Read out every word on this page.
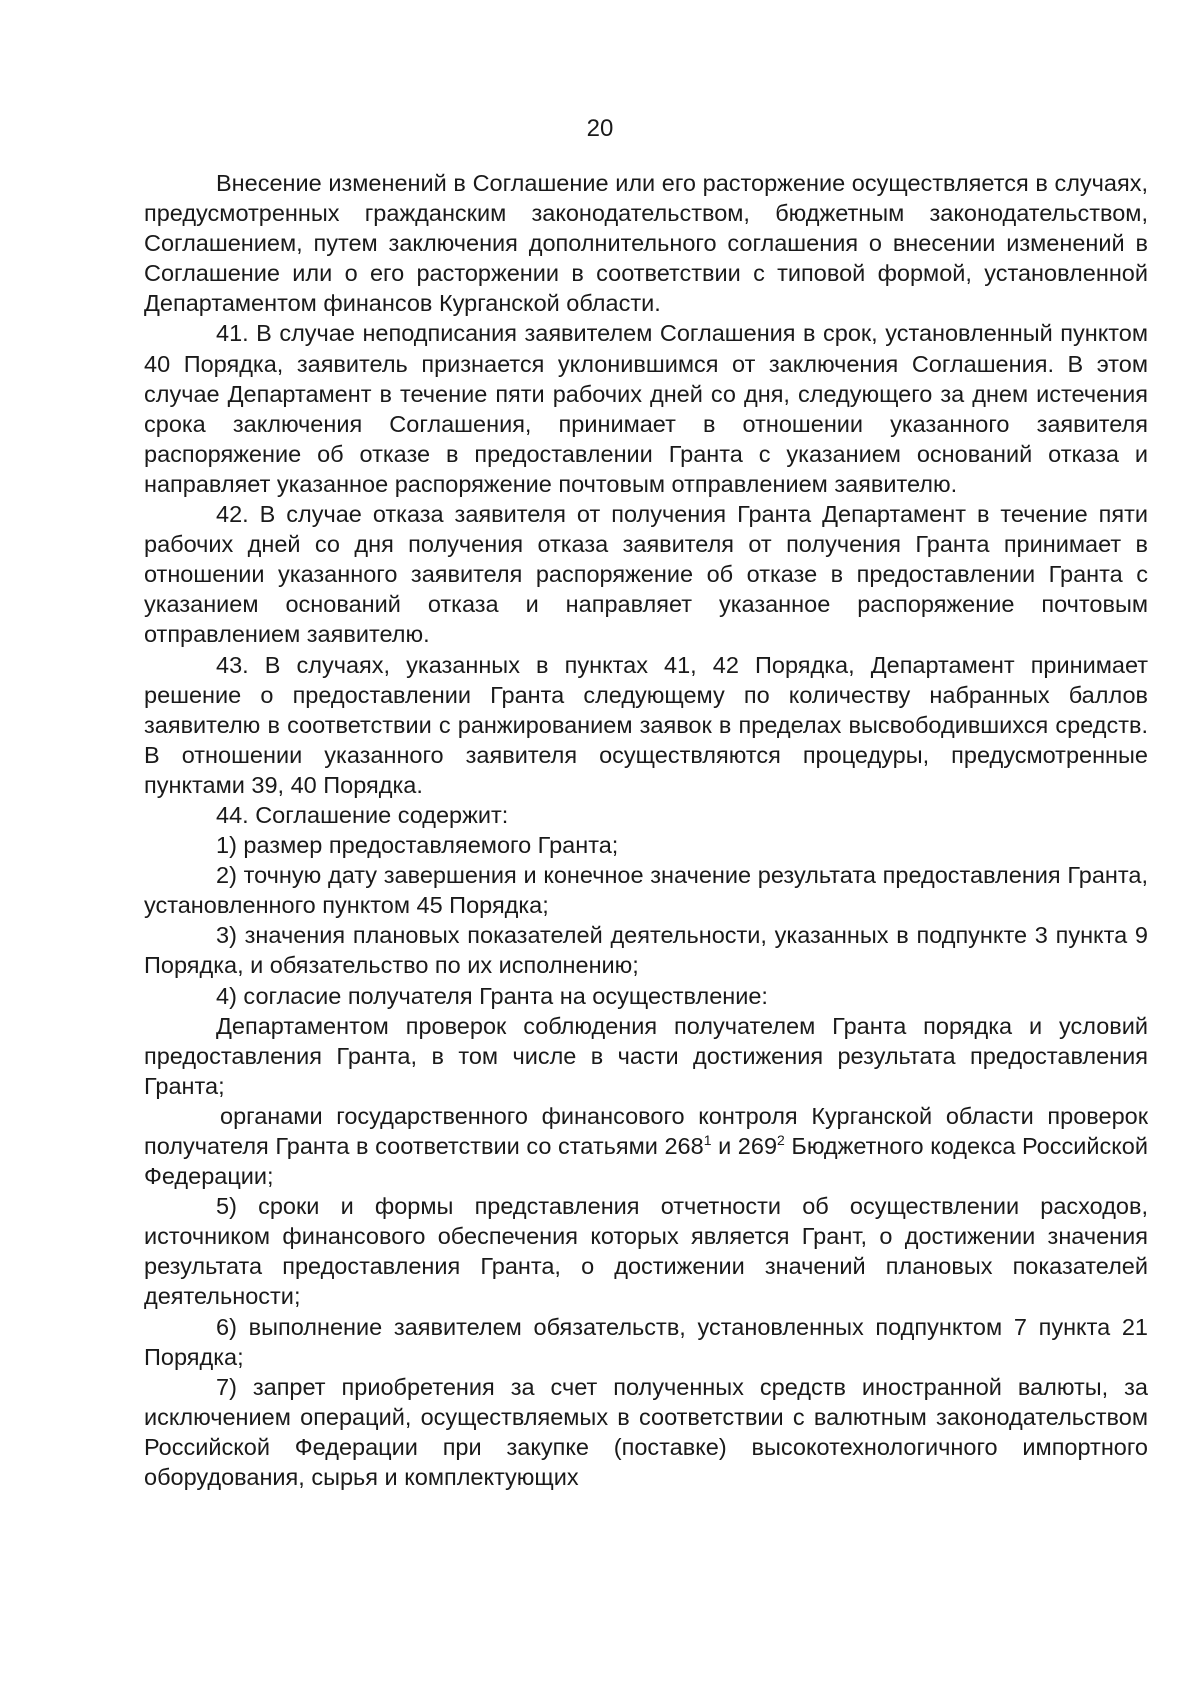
20

Внесение изменений в Соглашение или его расторжение осуществляется в случаях, предусмотренных гражданским законодательством, бюджетным законодательством, Соглашением, путем заключения дополнительного соглашения о внесении изменений в Соглашение или о его расторжении в соответствии с типовой формой, установленной Департаментом финансов Курганской области.

41. В случае неподписания заявителем Соглашения в срок, установленный пунктом 40 Порядка, заявитель признается уклонившимся от заключения Соглашения. В этом случае Департамент в течение пяти рабочих дней со дня, следующего за днем истечения срока заключения Соглашения, принимает в отношении указанного заявителя распоряжение об отказе в предоставлении Гранта с указанием оснований отказа и направляет указанное распоряжение почтовым отправлением заявителю.

42. В случае отказа заявителя от получения Гранта Департамент в течение пяти рабочих дней со дня получения отказа заявителя от получения Гранта принимает в отношении указанного заявителя распоряжение об отказе в предоставлении Гранта с указанием оснований отказа и направляет указанное распоряжение почтовым отправлением заявителю.

43. В случаях, указанных в пунктах 41, 42 Порядка, Департамент принимает решение о предоставлении Гранта следующему по количеству набранных баллов заявителю в соответствии с ранжированием заявок в пределах высвободившихся средств. В отношении указанного заявителя осуществляются процедуры, предусмотренные пунктами 39, 40 Порядка.

44. Соглашение содержит:

1) размер предоставляемого Гранта;

2) точную дату завершения и конечное значение результата предоставления Гранта, установленного пунктом 45 Порядка;

3) значения плановых показателей деятельности, указанных в подпункте 3 пункта 9 Порядка, и обязательство по их исполнению;

4) согласие получателя Гранта на осуществление:

Департаментом проверок соблюдения получателем Гранта порядка и условий предоставления Гранта, в том числе в части достижения результата предоставления Гранта;

органами государственного финансового контроля Курганской области проверок получателя Гранта в соответствии со статьями $268^1$ и $269^2$ Бюджетного кодекса Российской Федерации;

5) сроки и формы представления отчетности об осуществлении расходов, источником финансового обеспечения которых является Грант, о достижении значения результата предоставления Гранта, о достижении значений плановых показателей деятельности;

6) выполнение заявителем обязательств, установленных подпунктом 7 пункта 21 Порядка;

7) запрет приобретения за счет полученных средств иностранной валюты, за исключением операций, осуществляемых в соответствии с валютным законодательством Российской Федерации при закупке (поставке) высокотехнологичного импортного оборудования, сырья и комплектующих
